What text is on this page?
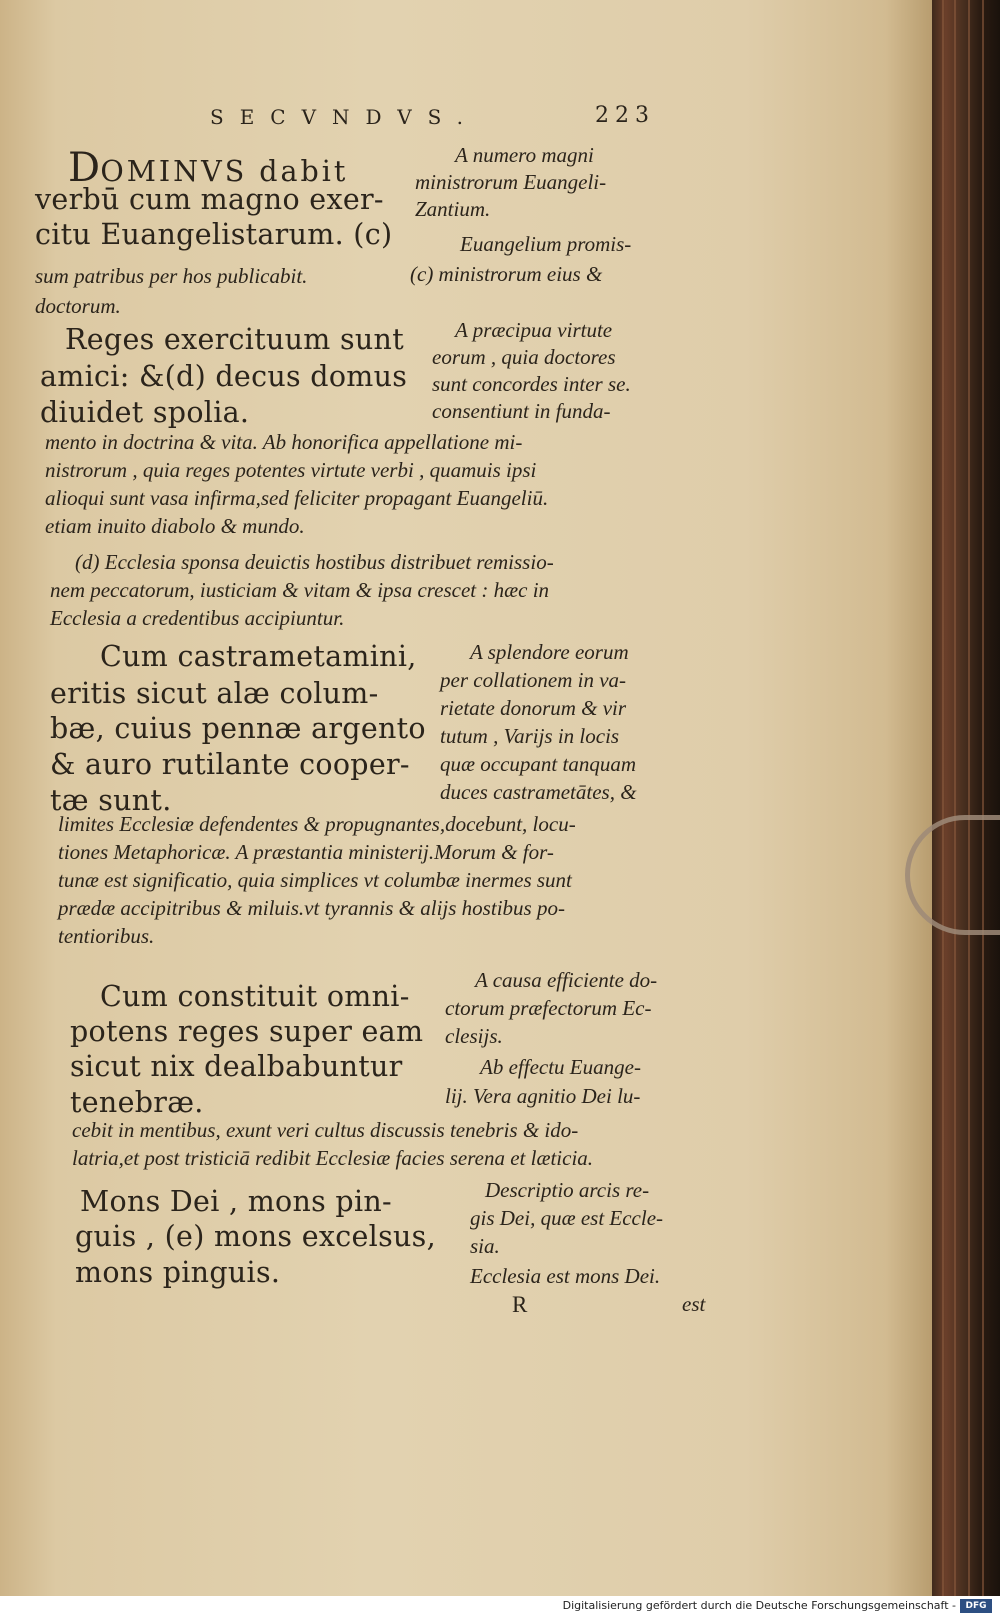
SECVNDVS.	223
DOMINVS dabit
verbū cum magno exer-
citu Euangelistarum. (c)
A numero magni
ministrorum Euangeli-
Zantium.
Euangelium promis-
sum patribus per hos publicabit.	(c) ministrorum eius &
doctorum.
Reges exercituum sunt
amici: &(d) decus domus
diuidet spolia.
A præcipua virtute
eorum , quia doctores
sunt concordes inter se.
consentiunt in funda-
mento in doctrina & vita. Ab honorifica appellatione mi-
nistrorum , quia reges potentes virtute verbi , quamuis ipsi
alioqui sunt vasa infirma,sed feliciter propagant Euangeliū.
etiam inuito diabolo & mundo.
(d) Ecclesia sponsa deuictis hostibus distribuet remissio-
nem peccatorum, iusticiam & vitam & ipsa crescet : hæc in
Ecclesia a credentibus accipiuntur.
Cum castrametamini,
eritis sicut alæ colum-
bæ, cuius pennæ argento
& auro rutilante cooper-
tæ sunt.
A splendore eorum
per collationem in va-
rietate donorum & vir
tutum , Varijs in locis
quæ occupant tanquam
duces castrametātes, &
limites Ecclesiæ defendentes & propugnantes,docebunt, locu-
tiones Metaphoricæ. A præstantia ministerij.Morum & for-
tunæ est significatio, quia simplices vt columbæ inermes sunt
prædæ accipitribus & miluis.vt tyrannis & alijs hostibus po-
tentioribus.
Cum constituit omni-
potens reges super eam
sicut nix dealbabuntur
tenebræ.
A causa efficiente do-
ctorum præfectorum Ec-
clesijs.
Ab effectu Euange-
lij. Vera agnitio Dei lu-
cebit in mentibus, exunt veri cultus discussis tenebris & ido-
latria,et post tristiciā redibit Ecclesiæ facies serena et læticia.
Mons Dei , mons pin-
guis , (e) mons excelsus,
mons pinguis.
Descriptio arcis re-
gis Dei, quæ est Eccle-
sia.
Ecclesia est mons Dei.
R	est
Digitalisierung gefördert durch die Deutsche Forschungsgemeinschaft -	DFG
